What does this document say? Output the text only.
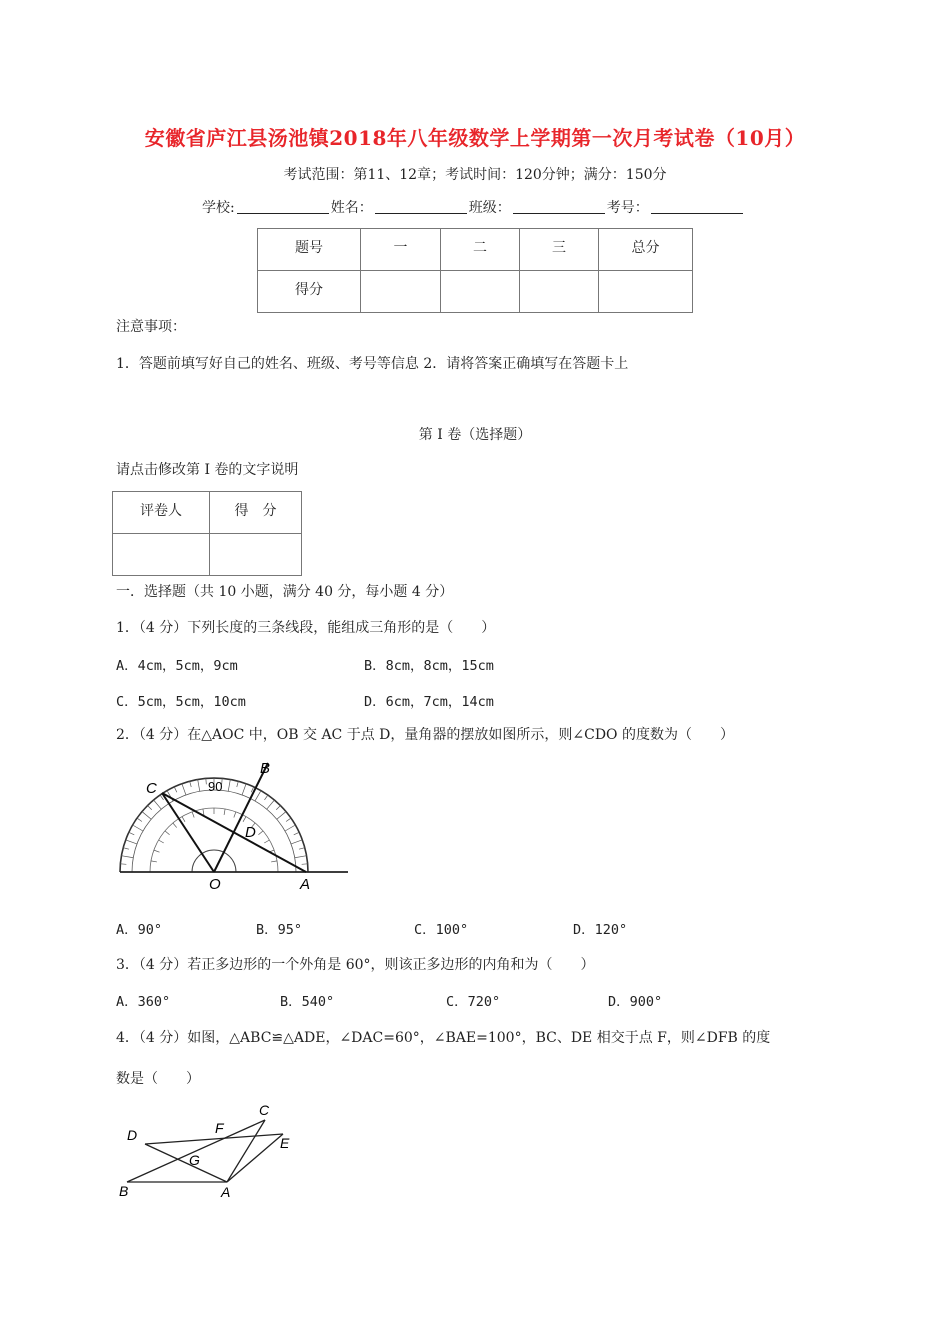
安徽省庐江县汤池镇2018年八年级数学上学期第一次月考试卷（10月）
考试范围：第11、12章；考试时间：120分钟；满分：150分
学校:	姓名：	班级：	考号：
题号	一	二	三	总分
得分				
注意事项：
1．答题前填写好自己的姓名、班级、考号等信息 2．请将答案正确填写在答题卡上
第 I 卷（选择题）
请点击修改第 I 卷的文字说明
评卷人	得　分

一．选择题（共 10 小题，满分 40 分，每小题 4 分）
1．（4 分）下列长度的三条线段，能组成三角形的是（　　）
A．4cm，5cm，9cm	B．8cm，8cm，15cm
C．5cm，5cm，10cm	D．6cm，7cm，14cm
2．（4 分）在△AOC 中，OB 交 AC 于点 D，量角器的摆放如图所示，则∠CDO 的度数为（　　）
C
B
D
O	A
90
A．90°	B．95°	C．100°	D．120°
3．（4 分）若正多边形的一个外角是 60°，则该正多边形的内角和为（　　）
A．360°	B．540°	C．720°	D．900°
4．（4 分）如图，△ABC≌△ADE，∠DAC=60°，∠BAE=100°，BC、DE 相交于点 F，则∠DFB 的度
数是（　　）
C
D	F
E
G
B	A
